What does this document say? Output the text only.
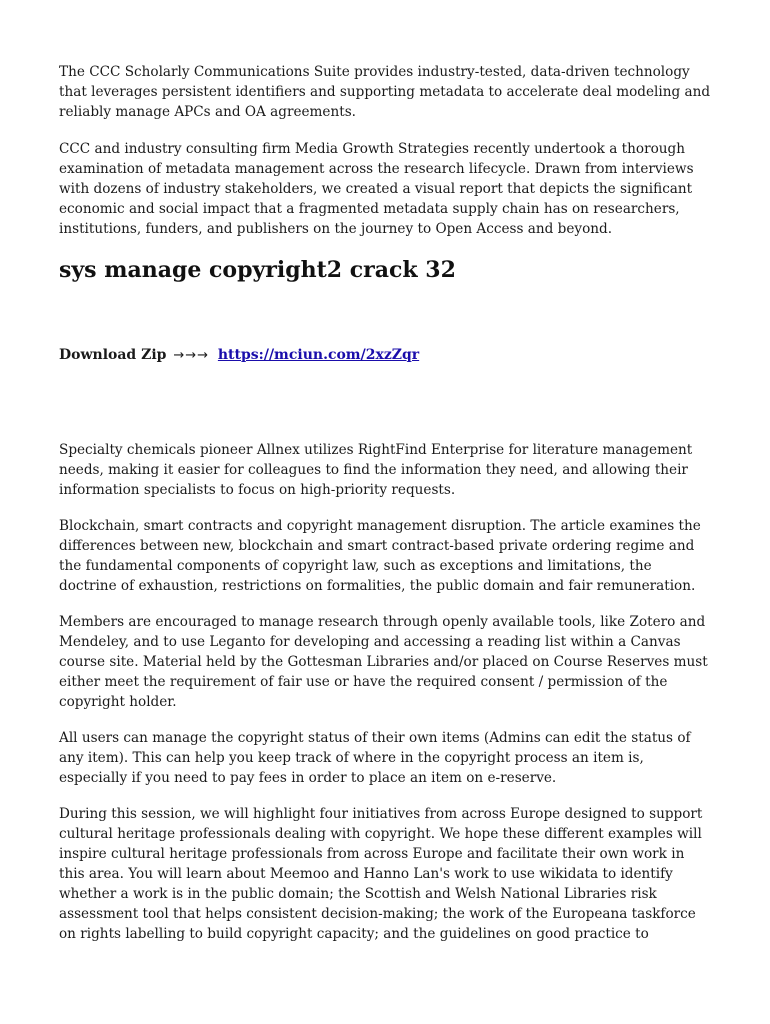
The CCC Scholarly Communications Suite provides industry-tested, data-driven technology that leverages persistent identifiers and supporting metadata to accelerate deal modeling and reliably manage APCs and OA agreements.

CCC and industry consulting firm Media Growth Strategies recently undertook a thorough examination of metadata management across the research lifecycle. Drawn from interviews with dozens of industry stakeholders, we created a visual report that depicts the significant economic and social impact that a fragmented metadata supply chain has on researchers, institutions, funders, and publishers on the journey to Open Access and beyond.

sys manage copyright2 crack 32
Download Zip →→→ https://mciun.com/2xzZqr

Specialty chemicals pioneer Allnex utilizes RightFind Enterprise for literature management needs, making it easier for colleagues to find the information they need, and allowing their information specialists to focus on high-priority requests.

Blockchain, smart contracts and copyright management disruption. The article examines the differences between new, blockchain and smart contract-based private ordering regime and the fundamental components of copyright law, such as exceptions and limitations, the doctrine of exhaustion, restrictions on formalities, the public domain and fair remuneration.

Members are encouraged to manage research through openly available tools, like Zotero and Mendeley, and to use Leganto for developing and accessing a reading list within a Canvas course site. Material held by the Gottesman Libraries and/or placed on Course Reserves must either meet the requirement of fair use or have the required consent / permission of the copyright holder.

All users can manage the copyright status of their own items (Admins can edit the status of any item). This can help you keep track of where in the copyright process an item is, especially if you need to pay fees in order to place an item on e-reserve.

During this session, we will highlight four initiatives from across Europe designed to support cultural heritage professionals dealing with copyright. We hope these different examples will inspire cultural heritage professionals from across Europe and facilitate their own work in this area. You will learn about Meemoo and Hanno Lan's work to use wikidata to identify whether a work is in the public domain; the Scottish and Welsh National Libraries risk assessment tool that helps consistent decision-making; the work of the Europeana taskforce on rights labelling to build copyright capacity; and the guidelines on good practice to
